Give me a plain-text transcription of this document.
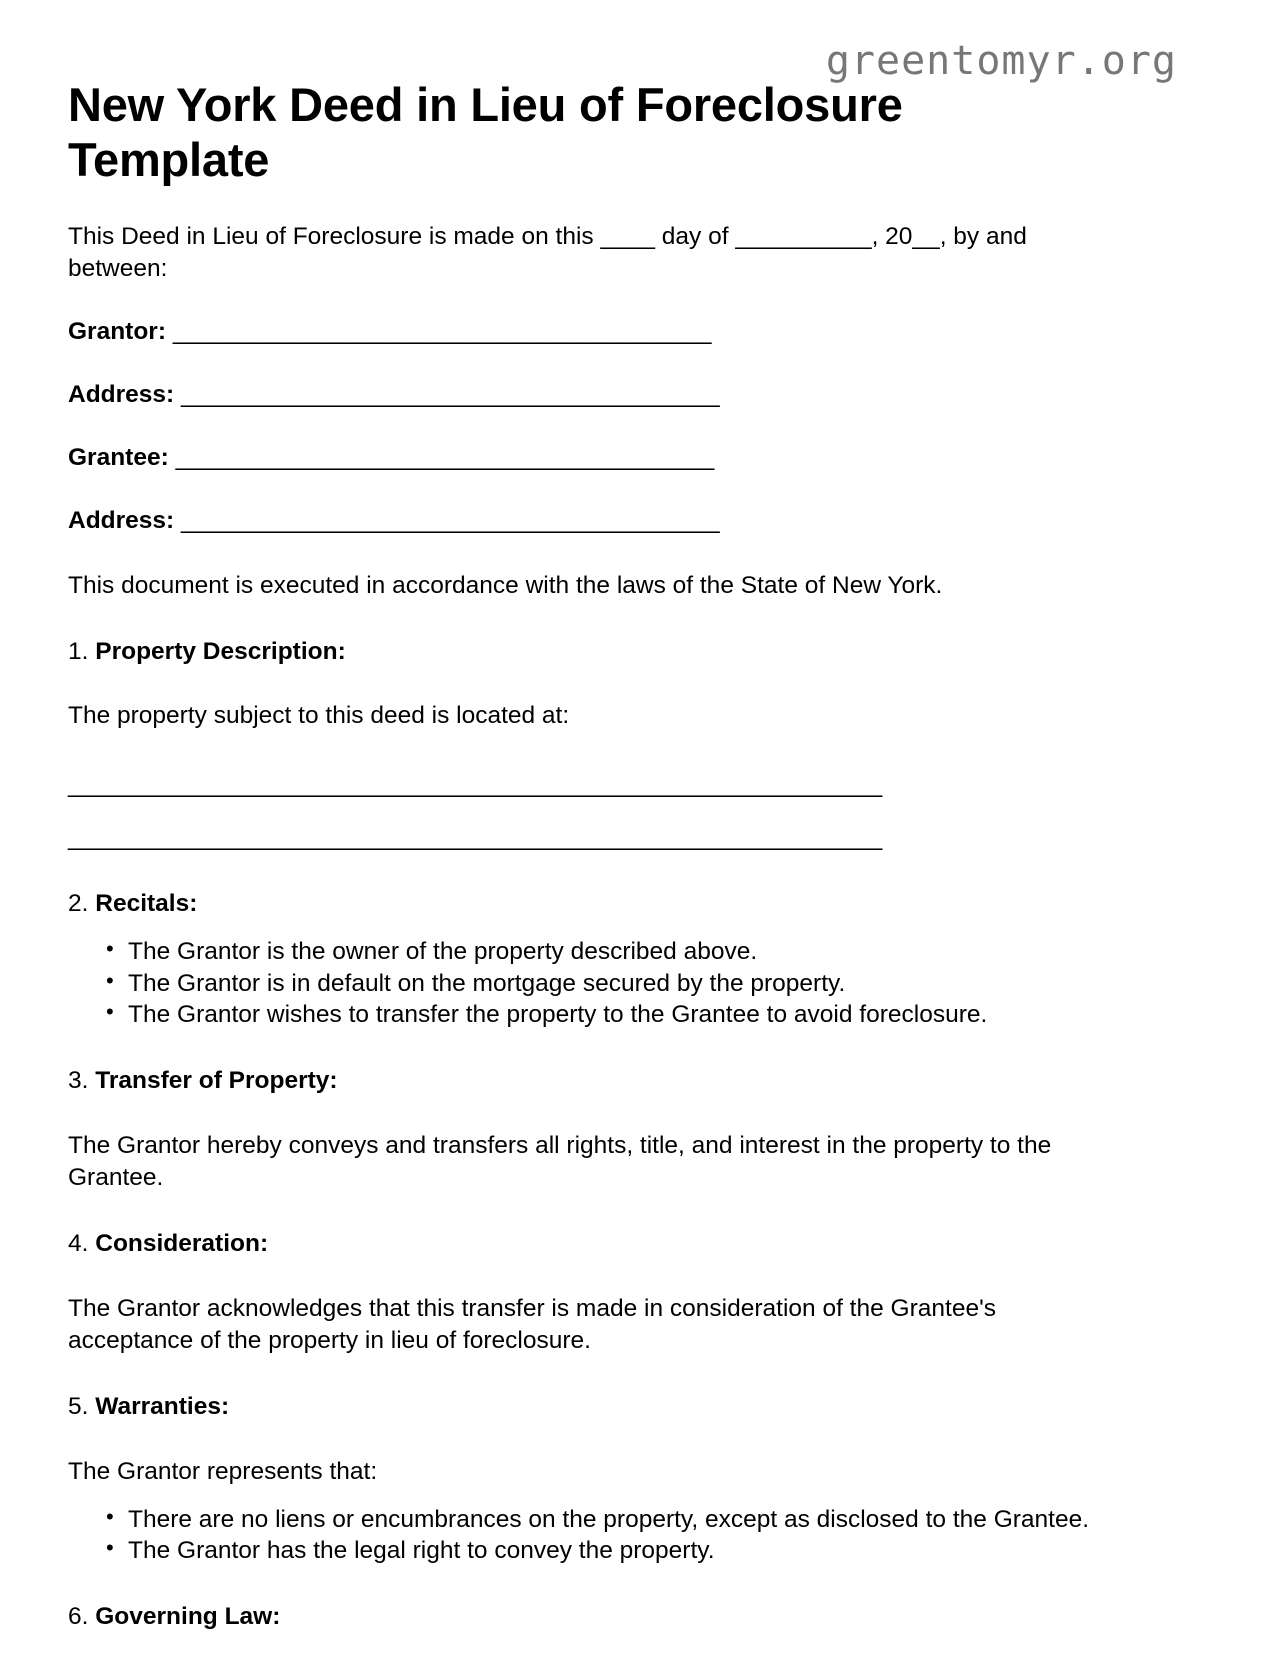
greentomyr.org
New York Deed in Lieu of Foreclosure Template

This Deed in Lieu of Foreclosure is made on this ____ day of __________, 20__, by and between:

Grantor: _________________________________________

Address: _________________________________________

Grantee: _________________________________________

Address: _________________________________________

This document is executed in accordance with the laws of the State of New York.

1. Property Description:

The property subject to this deed is located at:

______________________________________________________________

______________________________________________________________

2. Recitals:

• The Grantor is the owner of the property described above.
• The Grantor is in default on the mortgage secured by the property.
• The Grantor wishes to transfer the property to the Grantee to avoid foreclosure.

3. Transfer of Property:

The Grantor hereby conveys and transfers all rights, title, and interest in the property to the Grantee.

4. Consideration:

The Grantor acknowledges that this transfer is made in consideration of the Grantee's acceptance of the property in lieu of foreclosure.

5. Warranties:

The Grantor represents that:

• There are no liens or encumbrances on the property, except as disclosed to the Grantee.
• The Grantor has the legal right to convey the property.

6. Governing Law:
